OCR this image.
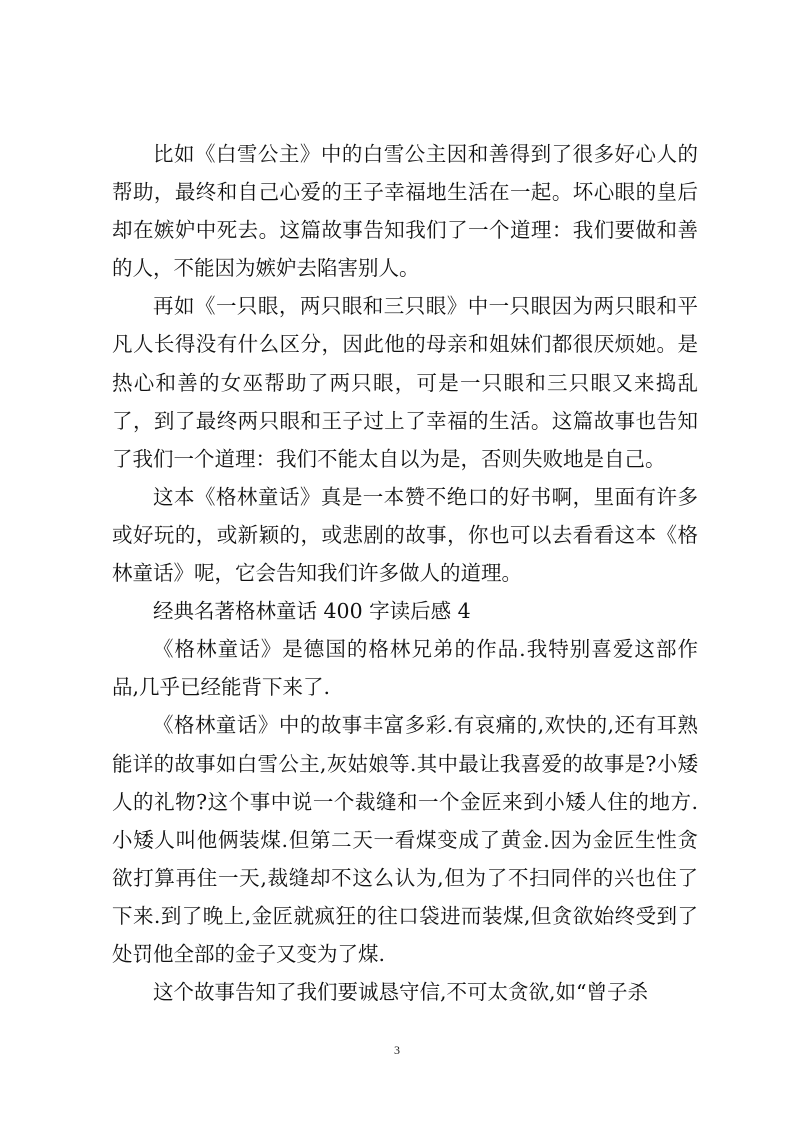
比如《白雪公主》中的白雪公主因和善得到了很多好心人的帮助，最终和自己心爱的王子幸福地生活在一起。坏心眼的皇后却在嫉妒中死去。这篇故事告知我们了一个道理：我们要做和善的人，不能因为嫉妒去陷害别人。

再如《一只眼，两只眼和三只眼》中一只眼因为两只眼和平凡人长得没有什么区分，因此他的母亲和姐妹们都很厌烦她。是热心和善的女巫帮助了两只眼，可是一只眼和三只眼又来捣乱了，到了最终两只眼和王子过上了幸福的生活。这篇故事也告知了我们一个道理：我们不能太自以为是，否则失败地是自己。

这本《格林童话》真是一本赞不绝口的好书啊，里面有许多或好玩的，或新颖的，或悲剧的故事，你也可以去看看这本《格林童话》呢，它会告知我们许多做人的道理。

经典名著格林童话 400 字读后感 4

《格林童话》是德国的格林兄弟的作品.我特别喜爱这部作品,几乎已经能背下来了.

《格林童话》中的故事丰富多彩.有哀痛的,欢快的,还有耳熟能详的故事如白雪公主,灰姑娘等.其中最让我喜爱的故事是?小矮人的礼物?这个事中说一个裁缝和一个金匠来到小矮人住的地方.小矮人叫他俩装煤.但第二天一看煤变成了黄金.因为金匠生性贪欲打算再住一天,裁缝却不这么认为,但为了不扫同伴的兴也住了下来.到了晚上,金匠就疯狂的往口袋进而装煤,但贪欲始终受到了处罚他全部的金子又变为了煤.

这个故事告知了我们要诚恳守信,不可太贪欲,如“曾子杀

3
